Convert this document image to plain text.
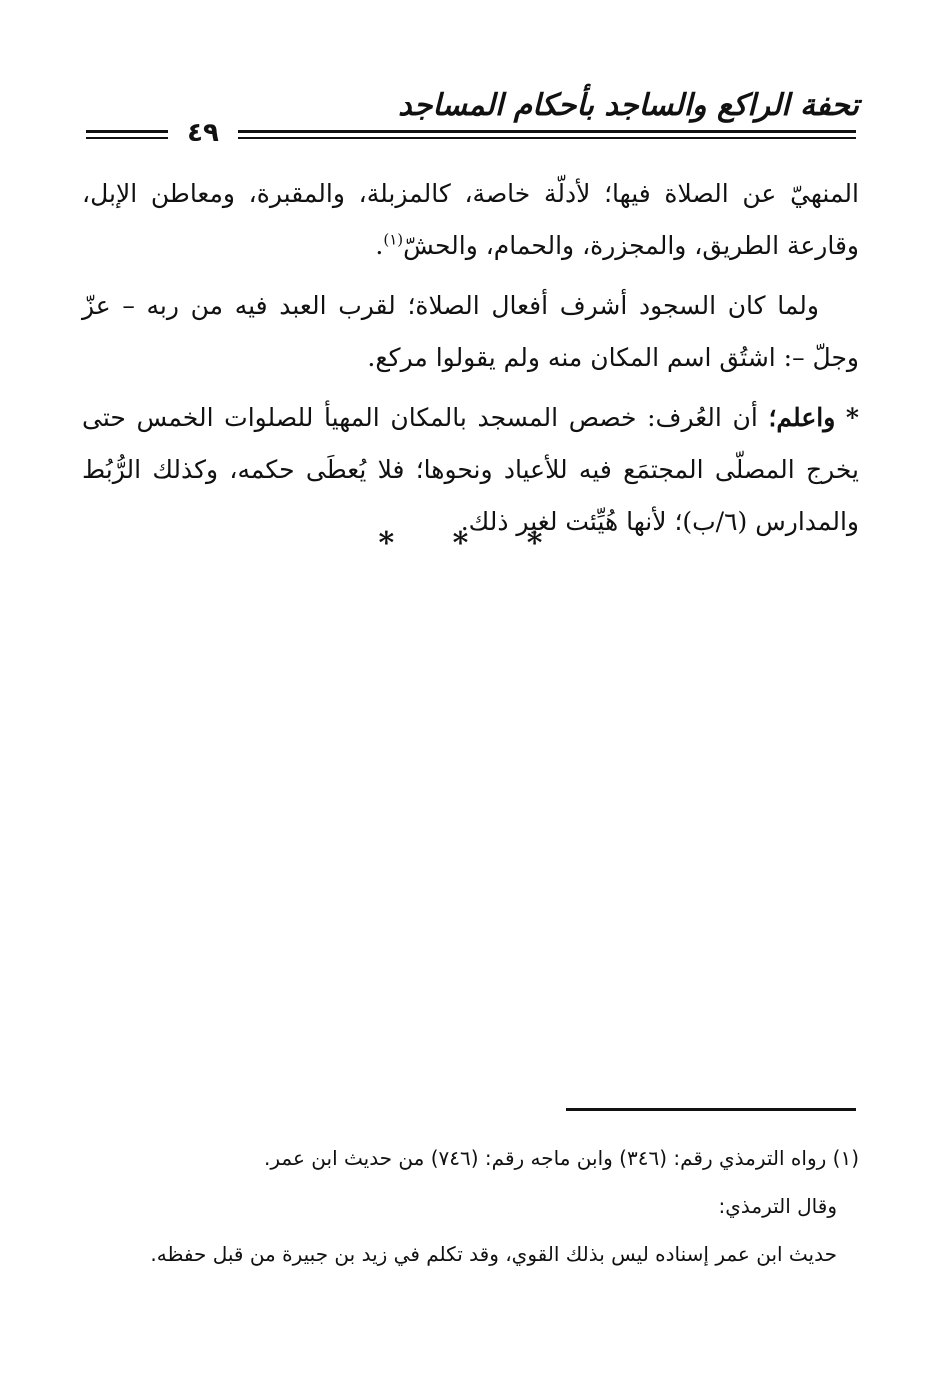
تحفة الراكع والساجد بأحكام المساجد
٤٩

المنهيّ عن الصلاة فيها؛ لأدلّة خاصة، كالمزبلة، والمقبرة، ومعاطن الإبل، وقارعة الطريق، والمجزرة، والحمام، والحشّ$^{(١)}$.

ولما كان السجود أشرف أفعال الصلاة؛ لقرب العبد فيه من ربه – عزّ وجلّ –: اشتُق اسم المكان منه ولم يقولوا مركع.

* واعلم؛ أن العُرف: خصص المسجد بالمكان المهيأ للصلوات الخمس حتى يخرج المصلّى المجتمَع فيه للأعياد ونحوها؛ فلا يُعطَى حكمه، وكذلك الرُّبُط والمدارس (٦/ب)؛ لأنها هُيِّئت لغير ذلك.

* * *

(١) رواه الترمذي رقم: (٣٤٦) وابن ماجه رقم: (٧٤٦) من حديث ابن عمر.

وقال الترمذي:

حديث ابن عمر إسناده ليس بذلك القوي، وقد تكلم في زيد بن جبيرة من قبل حفظه.
